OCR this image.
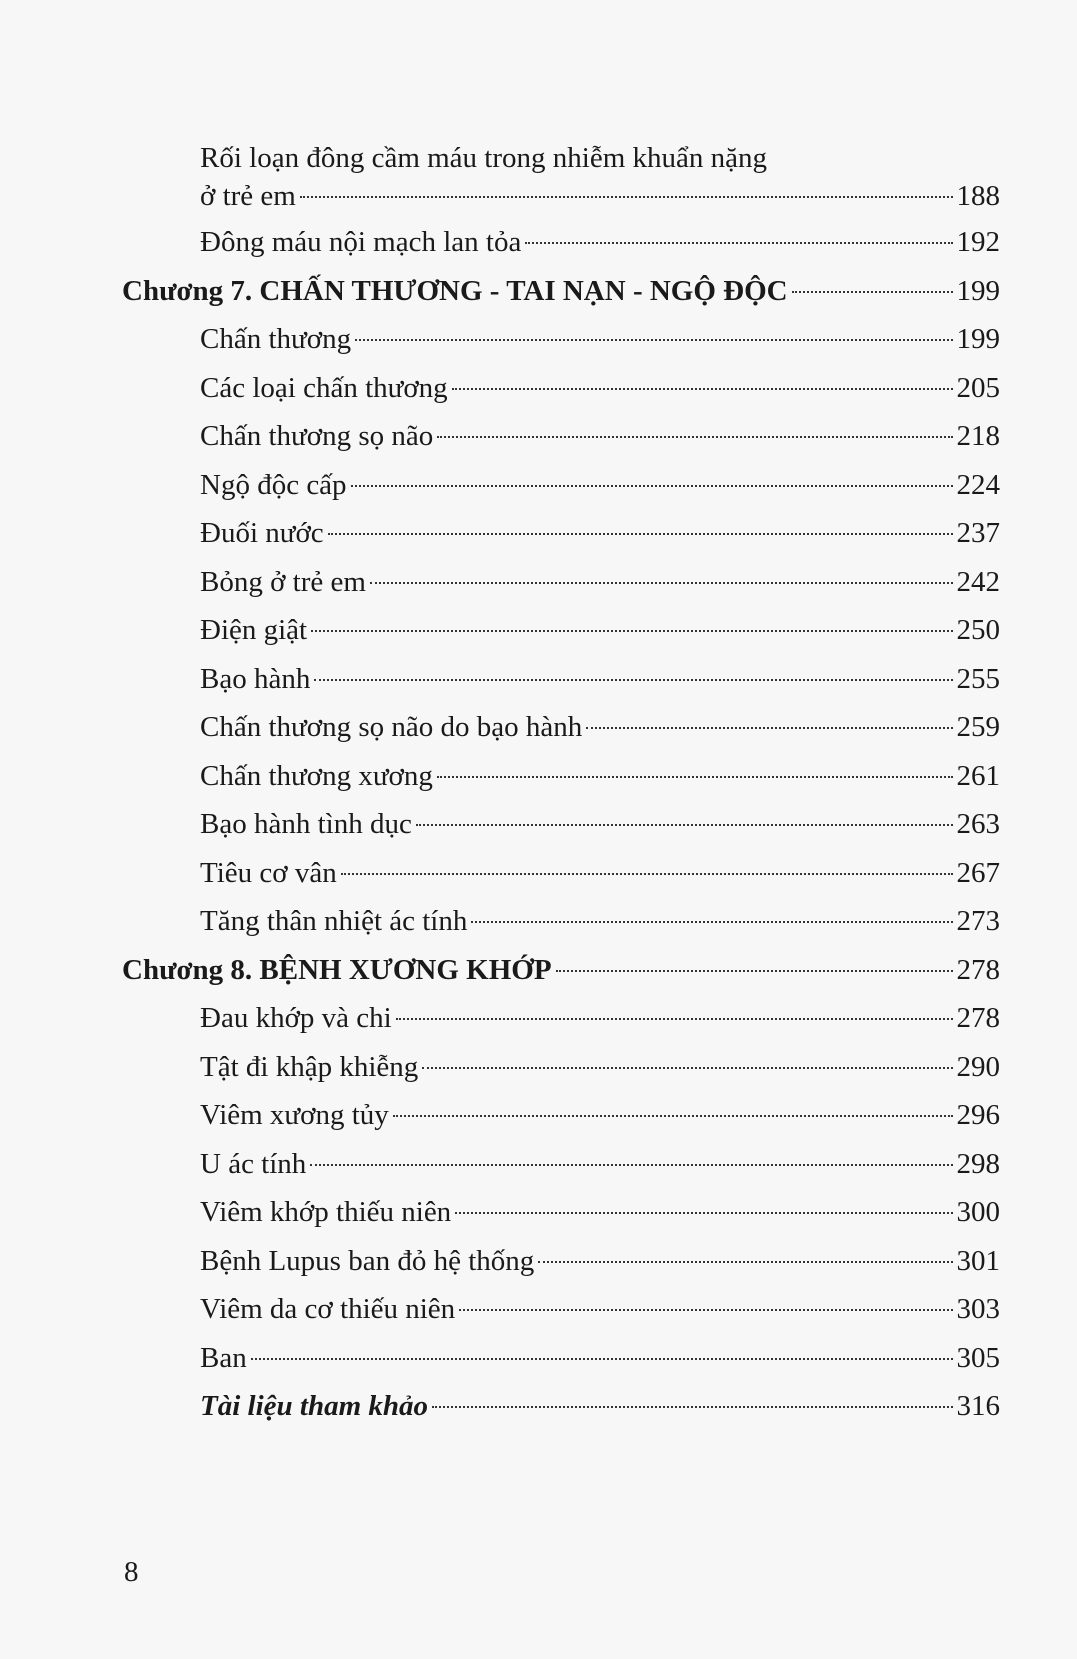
Rối loạn đông cầm máu trong nhiễm khuẩn nặng
ở trẻ em	188
Đông máu nội mạch lan tỏa	192
Chương 7. CHẤN THƯƠNG - TAI NẠN - NGỘ ĐỘC	199
Chấn thương	199
Các loại chấn thương	205
Chấn thương sọ não	218
Ngộ độc cấp	224
Đuối nước	237
Bỏng ở trẻ em	242
Điện giật	250
Bạo hành	255
Chấn thương sọ não do bạo hành	259
Chấn thương xương	261
Bạo hành tình dục	263
Tiêu cơ vân	267
Tăng thân nhiệt ác tính	273
Chương 8. BỆNH XƯƠNG KHỚP	278
Đau khớp và chi	278
Tật đi khập khiễng	290
Viêm xương tủy	296
U ác tính	298
Viêm khớp thiếu niên	300
Bệnh Lupus ban đỏ hệ thống	301
Viêm da cơ thiếu niên	303
Ban	305
Tài liệu tham khảo	316
8
